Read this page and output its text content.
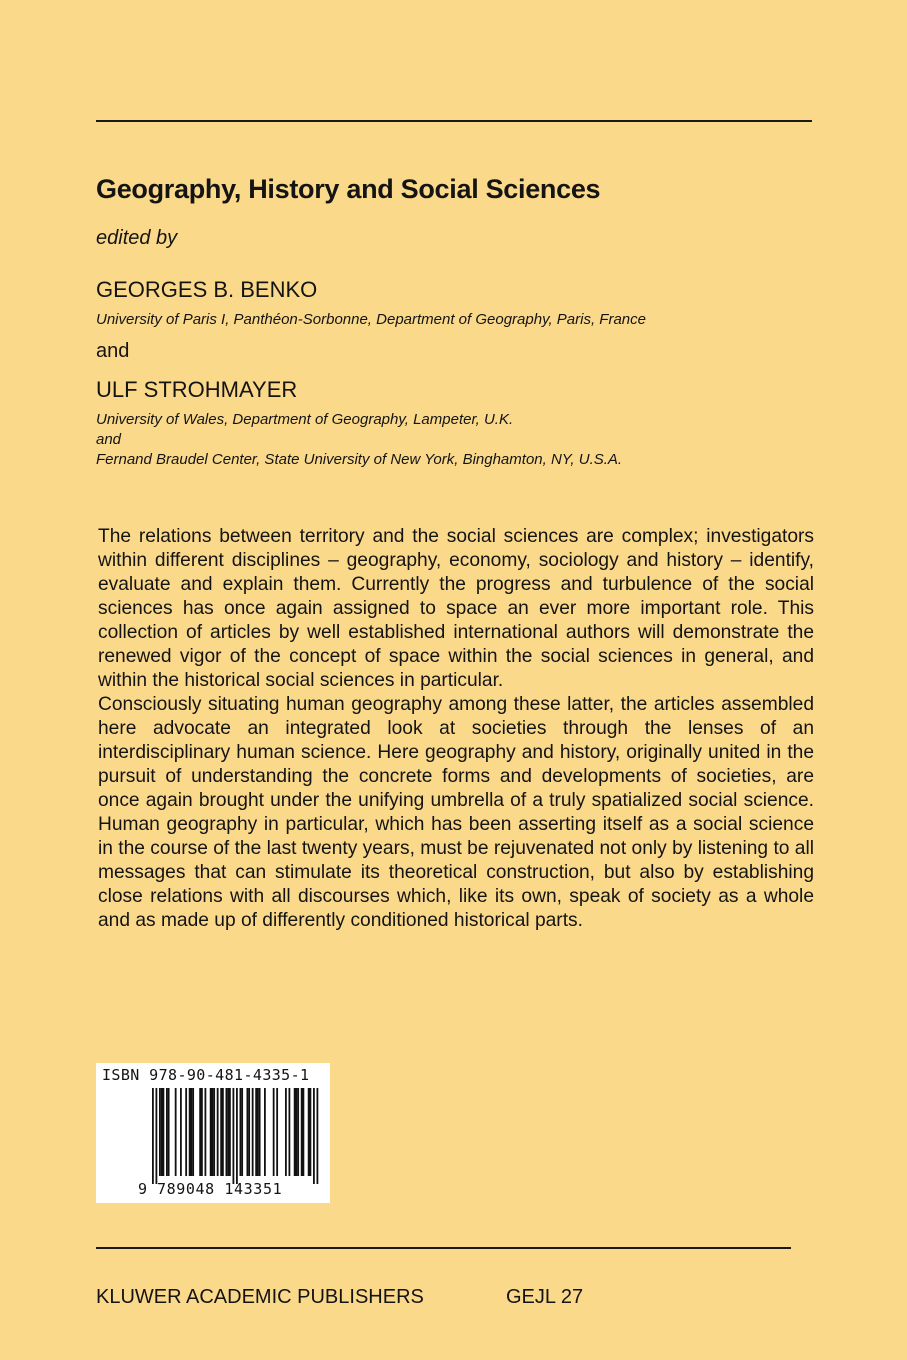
Geography, History and Social Sciences
edited by
GEORGES B. BENKO
University of Paris I, Panthéon-Sorbonne, Department of Geography, Paris, France
and
ULF STROHMAYER
University of Wales, Department of Geography, Lampeter, U.K.
and
Fernand Braudel Center, State University of New York, Binghamton, NY, U.S.A.

The relations between territory and the social sciences are complex; investigators within different disciplines – geography, economy, sociology and history – identify, evaluate and explain them. Currently the progress and turbulence of the social sciences has once again assigned to space an ever more important role. This collection of articles by well established international authors will demonstrate the renewed vigor of the concept of space within the social sciences in general, and within the historical social sciences in particular.

Consciously situating human geography among these latter, the articles assembled here advocate an integrated look at societies through the lenses of an interdisciplinary human science. Here geography and history, originally united in the pursuit of understanding the concrete forms and developments of societies, are once again brought under the unifying umbrella of a truly spatialized social science. Human geography in particular, which has been asserting itself as a social science in the course of the last twenty years, must be rejuvenated not only by listening to all messages that can stimulate its theoretical construction, but also by establishing close relations with all discourses which, like its own, speak of society as a whole and as made up of differently conditioned historical parts.

ISBN 978-90-481-4335-1
9 789048 143351
KLUWER ACADEMIC PUBLISHERS	GEJL 27
